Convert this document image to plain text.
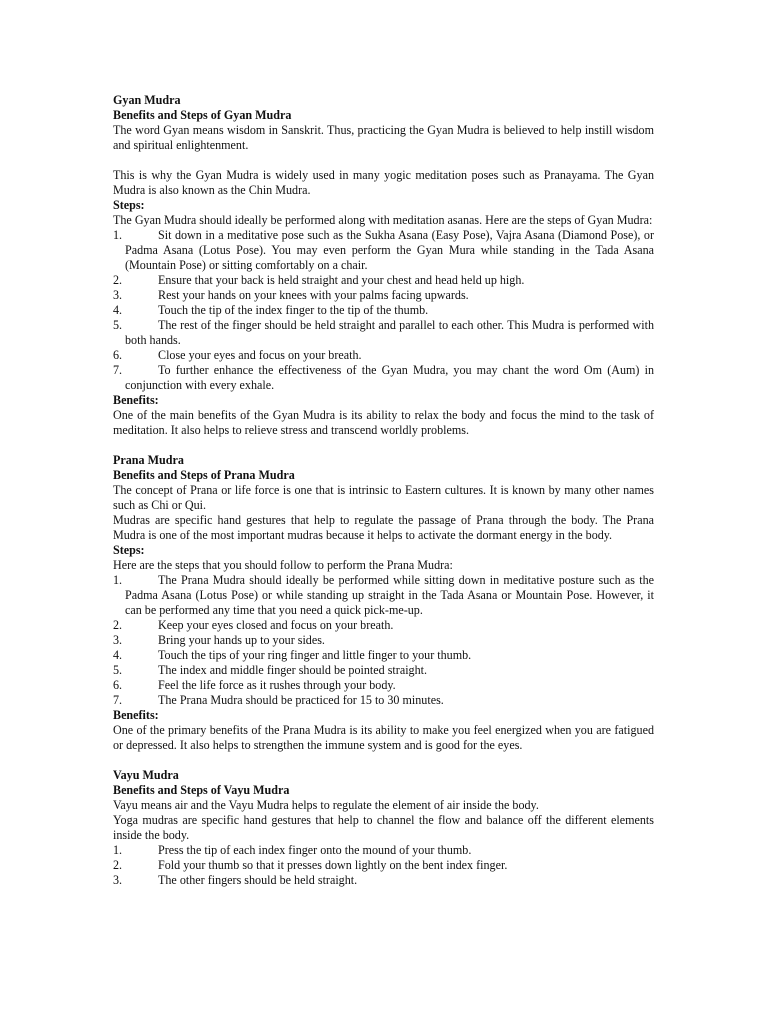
Gyan Mudra

Benefits and Steps of Gyan Mudra

The word Gyan means wisdom in Sanskrit. Thus, practicing the Gyan Mudra is believed to help instill wisdom and spiritual enlightenment.

This is why the Gyan Mudra is widely used in many yogic meditation poses such as Pranayama. The Gyan Mudra is also known as the Chin Mudra.

Steps:

The Gyan Mudra should ideally be performed along with meditation asanas. Here are the steps of Gyan Mudra:

1.	Sit down in a meditative pose such as the Sukha Asana (Easy Pose), Vajra Asana (Diamond Pose), or Padma Asana (Lotus Pose). You may even perform the Gyan Mura while standing in the Tada Asana (Mountain Pose) or sitting comfortably on a chair.
2.	Ensure that your back is held straight and your chest and head held up high.
3.	Rest your hands on your knees with your palms facing upwards.
4.	Touch the tip of the index finger to the tip of the thumb.
5.	The rest of the finger should be held straight and parallel to each other. This Mudra is performed with both hands.
6.	Close your eyes and focus on your breath.
7.	To further enhance the effectiveness of the Gyan Mudra, you may chant the word Om (Aum) in conjunction with every exhale.

Benefits:

One of the main benefits of the Gyan Mudra is its ability to relax the body and focus the mind to the task of meditation. It also helps to relieve stress and transcend worldly problems.

Prana Mudra

Benefits and Steps of Prana Mudra

The concept of Prana or life force is one that is intrinsic to Eastern cultures. It is known by many other names such as Chi or Qui.

Mudras are specific hand gestures that help to regulate the passage of Prana through the body. The Prana Mudra is one of the most important mudras because it helps to activate the dormant energy in the body.

Steps:

Here are the steps that you should follow to perform the Prana Mudra:

1.	The Prana Mudra should ideally be performed while sitting down in meditative posture such as the Padma Asana (Lotus Pose) or while standing up straight in the Tada Asana or Mountain Pose. However, it can be performed any time that you need a quick pick-me-up.
2.	Keep your eyes closed and focus on your breath.
3.	Bring your hands up to your sides.
4.	Touch the tips of your ring finger and little finger to your thumb.
5.	The index and middle finger should be pointed straight.
6.	Feel the life force as it rushes through your body.
7.	The Prana Mudra should be practiced for 15 to 30 minutes.

Benefits:

One of the primary benefits of the Prana Mudra is its ability to make you feel energized when you are fatigued or depressed. It also helps to strengthen the immune system and is good for the eyes.

Vayu Mudra

Benefits and Steps of Vayu Mudra

Vayu means air and the Vayu Mudra helps to regulate the element of air inside the body.

Yoga mudras are specific hand gestures that help to channel the flow and balance off the different elements inside the body.

1.	Press the tip of each index finger onto the mound of your thumb.
2.	Fold your thumb so that it presses down lightly on the bent index finger.
3.	The other fingers should be held straight.
